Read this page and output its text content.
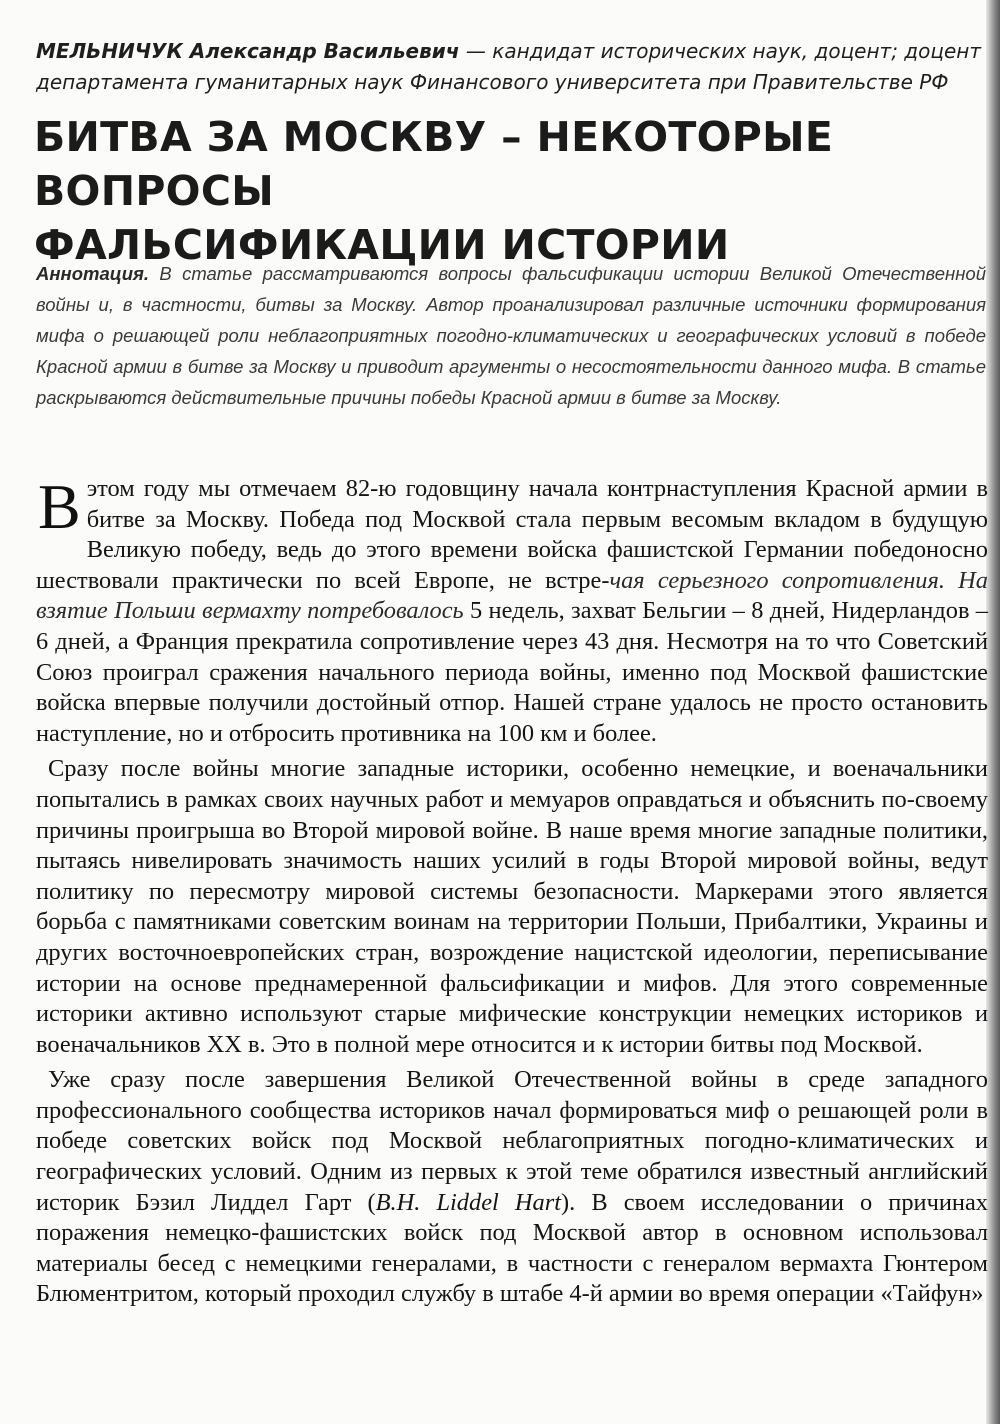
МЕЛЬНИЧУК Александр Васильевич — кандидат исторических наук, доцент; доцент департамента гуманитарных наук Финансового университета при Правительстве РФ
БИТВА ЗА МОСКВУ – НЕКОТОРЫЕ ВОПРОСЫ
ФАЛЬСИФИКАЦИИ ИСТОРИИ
Аннотация. В статье рассматриваются вопросы фальсификации истории Великой Отечественной войны и, в частности, битвы за Москву. Автор проанализировал различные источники формирования мифа о решающей роли неблагоприятных погодно-климатических и географических условий в победе Красной армии в битве за Москву и приводит аргументы о несостоятельности данного мифа. В статье раскрываются действительные причины победы Красной армии в битве за Москву.

В этом году мы отмечаем 82-ю годовщину начала контрнаступления Красной армии в битве за Москву. Победа под Москвой стала первым весомым вкладом в будущую Великую победу, ведь до этого времени войска фашистской Германии победоносно шествовали практически по всей Европе, не встре-чая серьезного сопротивления. На взятие Польши вермахту потребовалось 5 недель, захват Бельгии – 8 дней, Нидерландов – 6 дней, а Франция прекратила сопротивление через 43 дня. Несмотря на то что Советский Союз проиграл сражения начального периода войны, именно под Москвой фашистские войска впервые получили достойный отпор. Нашей стране удалось не просто остановить наступление, но и отбросить противника на 100 км и более.

Сразу после войны многие западные историки, особенно немецкие, и военачальники попытались в рамках своих научных работ и мемуаров оправдаться и объяснить по-своему причины проигрыша во Второй мировой войне. В наше время многие западные политики, пытаясь нивелировать значимость наших усилий в годы Второй мировой войны, ведут политику по пересмотру мировой системы безопасности. Маркерами этого является борьба с памятниками советским воинам на территории Польши, Прибалтики, Украины и других восточноевропейских стран, возрождение нацистской идеологии, переписывание истории на основе преднамеренной фальсификации и мифов. Для этого современные историки активно используют старые мифические конструкции немецких историков и военачальников XX в. Это в полной мере относится и к истории битвы под Москвой.

Уже сразу после завершения Великой Отечественной войны в среде западного профессионального сообщества историков начал формироваться миф о решающей роли в победе советских войск под Москвой неблагоприятных погодно-климатических и географических условий. Одним из первых к этой теме обратился известный английский историк Бэзил Лиддел Гарт (B.H. Liddel Hart). В своем исследовании о причинах поражения немецко-фашистских войск под Москвой автор в основном использовал материалы бесед с немецкими генералами, в частности с генералом вермахта Гюнтером Блюментритом, который проходил службу в штабе 4-й армии во время операции «Тайфун»
